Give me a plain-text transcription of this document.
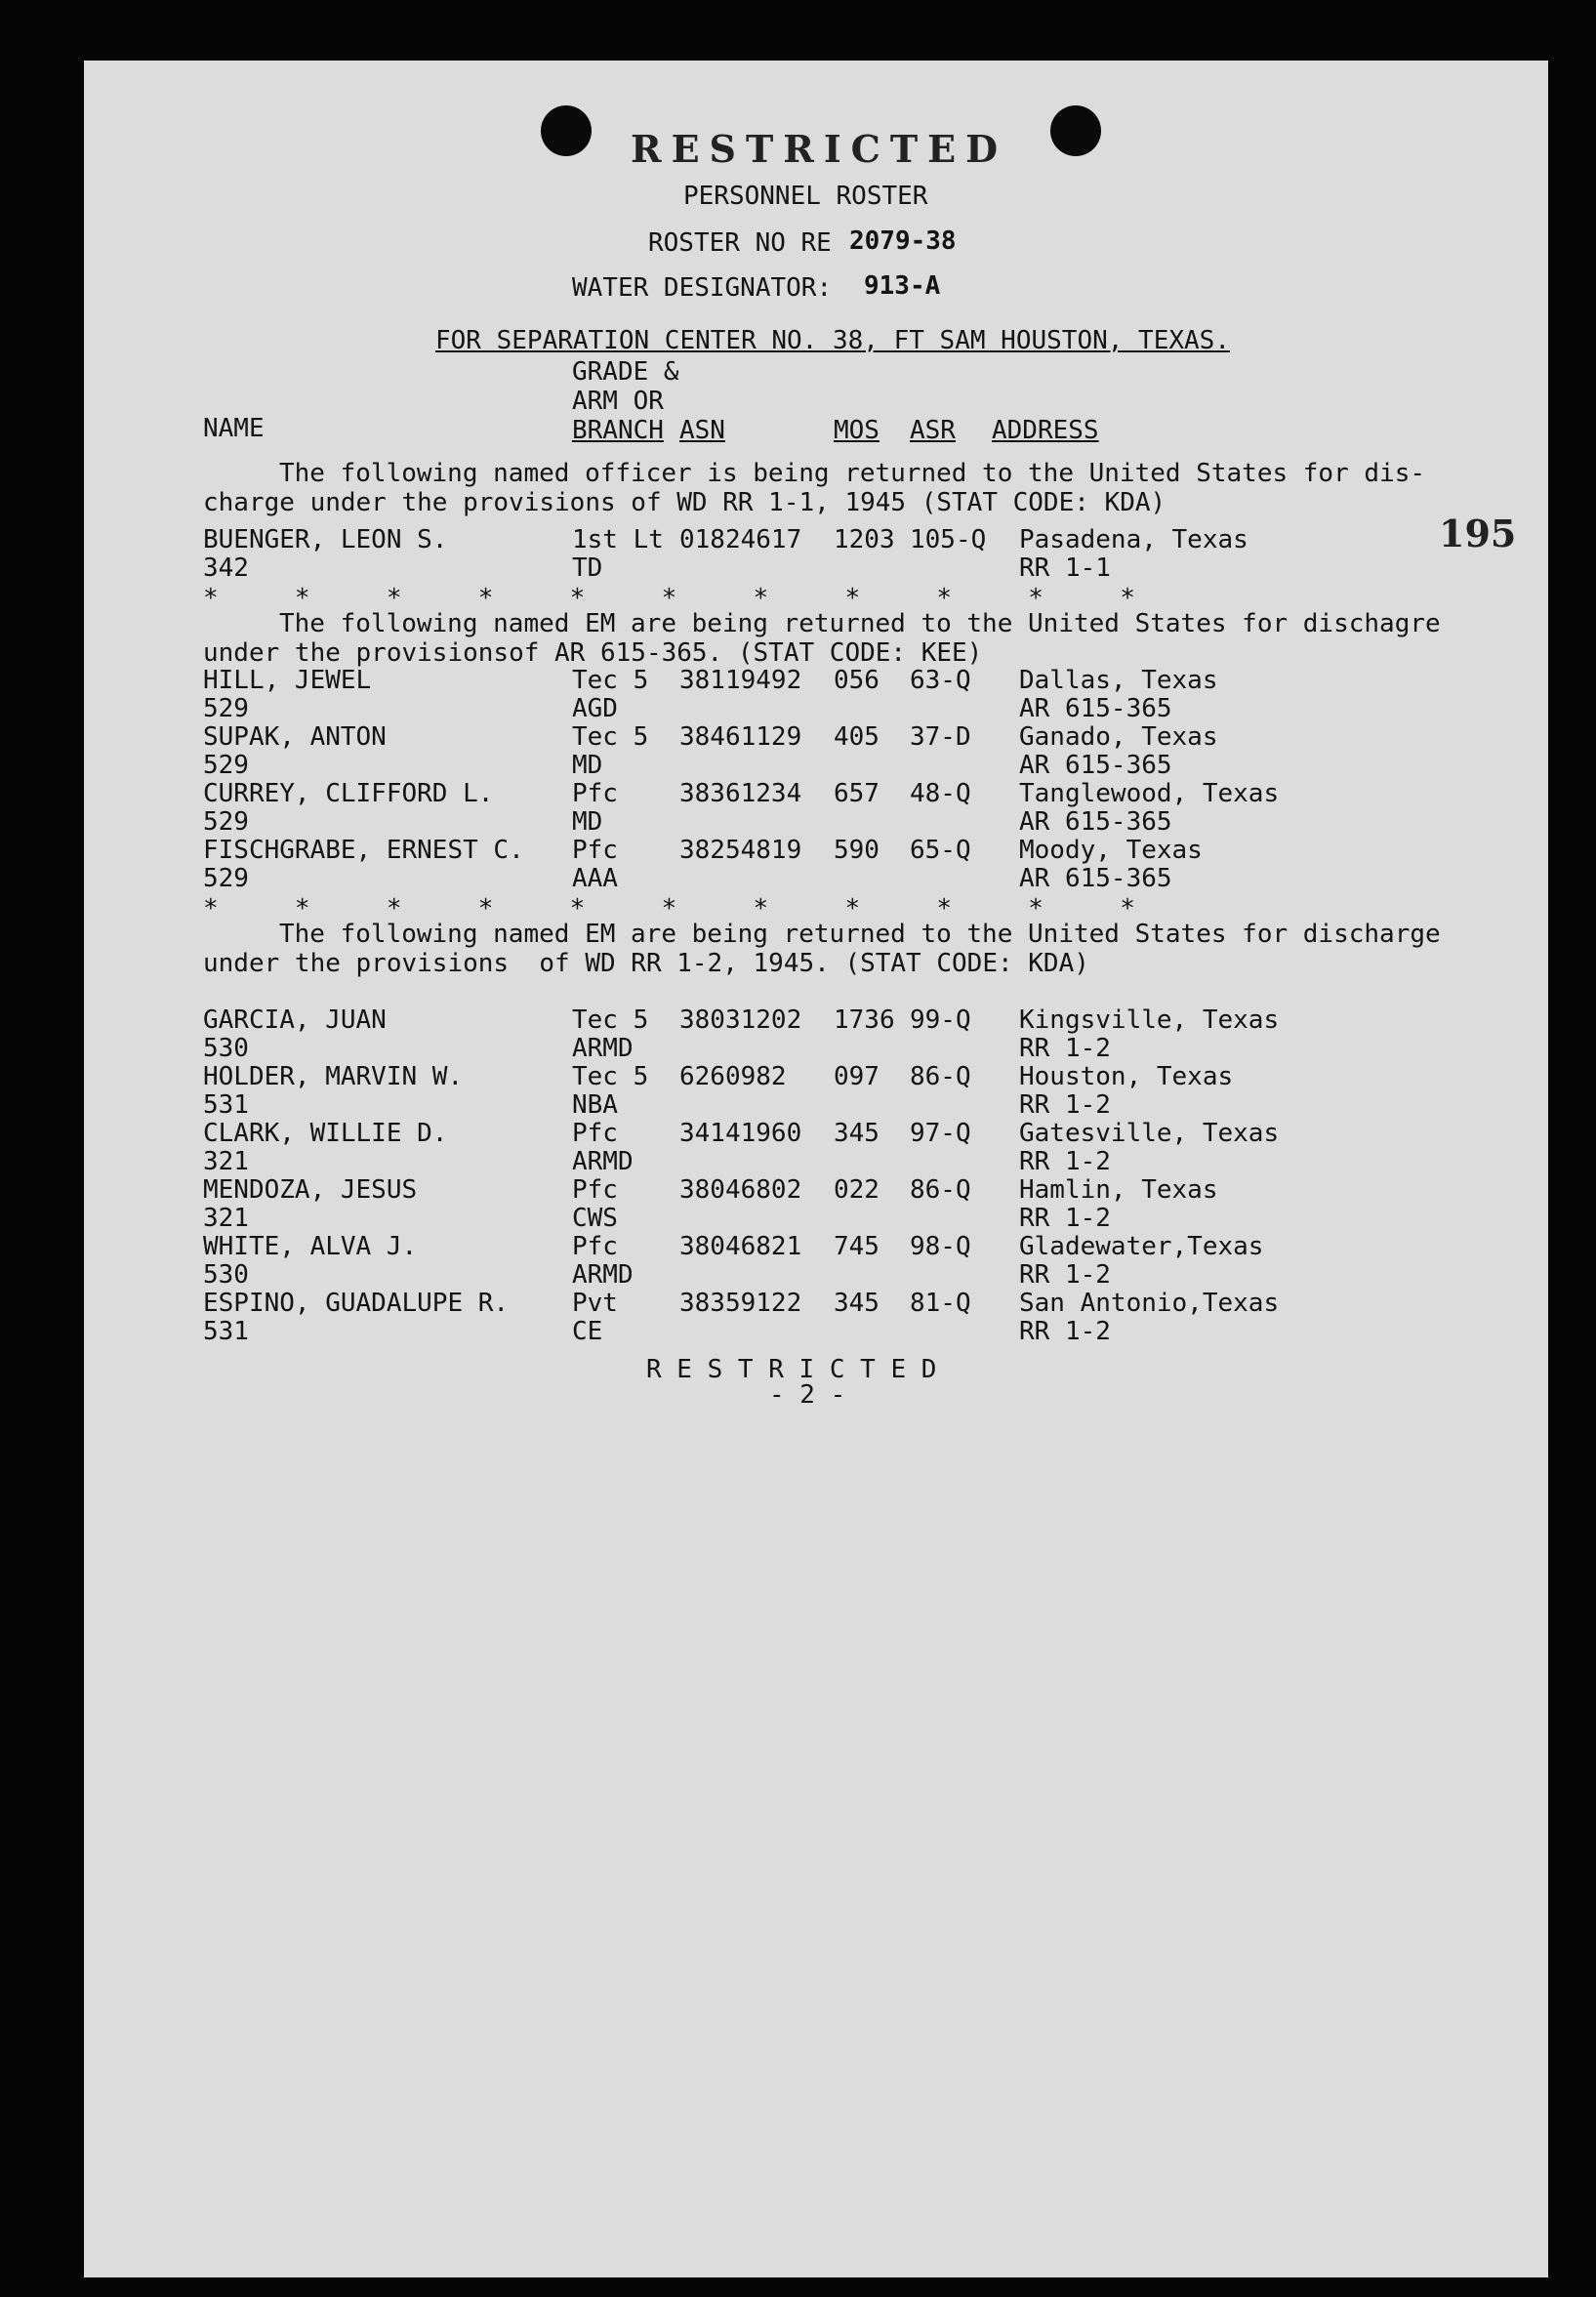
RESTRICTED
PERSONNEL ROSTER
ROSTER NO RE 2079-38
WATER DESIGNATOR: 913-A
FOR SEPARATION CENTER NO. 38, FT SAM HOUSTON, TEXAS.
GRADE &
ARM OR
NAME	BRANCH ASN	MOS ASR ADDRESS
The following named officer is being returned to the United States for dis-
charge under the provisions of WD RR 1-1, 1945 (STAT CODE: KDA)
195
BUENGER, LEON S.	1st Lt 01824617 1203 105-Q Pasadena, Texas
342	TD	RR 1-1
*     *     *     *     *     *     *     *     *     *     *
The following named EM are being returned to the United States for dischagre
under the provisionsof AR 615-365. (STAT CODE: KEE)
HILL, JEWEL	Tec 5 38119492 056 63-Q Dallas, Texas
529	AGD	AR 615-365
SUPAK, ANTON	Tec 5 38461129 405 37-D Ganado, Texas
529	MD	AR 615-365
CURREY, CLIFFORD L.	Pfc 38361234 657 48-Q Tanglewood, Texas
529	MD	AR 615-365
FISCHGRABE, ERNEST C. Pfc 38254819 590 65-Q Moody, Texas
529	AAA	AR 615-365
*     *     *     *     *     *     *     *     *     *     *
The following named EM are being returned to the United States for discharge
under the provisions  of WD RR 1-2, 1945. (STAT CODE: KDA)
GARCIA, JUAN	Tec 5 38031202 1736 99-Q Kingsville, Texas
530	ARMD	RR 1-2
HOLDER, MARVIN W.	Tec 5 6260982 097 86-Q Houston, Texas
531	NBA	RR 1-2
CLARK, WILLIE D.	Pfc 34141960 345 97-Q Gatesville, Texas
321	ARMD	RR 1-2
MENDOZA, JESUS	Pfc 38046802 022 86-Q Hamlin, Texas
321	CWS	RR 1-2
WHITE, ALVA J.	Pfc 38046821 745 98-Q Gladewater,Texas
530	ARMD	RR 1-2
ESPINO, GUADALUPE R. Pvt 38359122 345 81-Q San Antonio,Texas
531	CE	RR 1-2
R E S T R I C T E D
- 2 -
